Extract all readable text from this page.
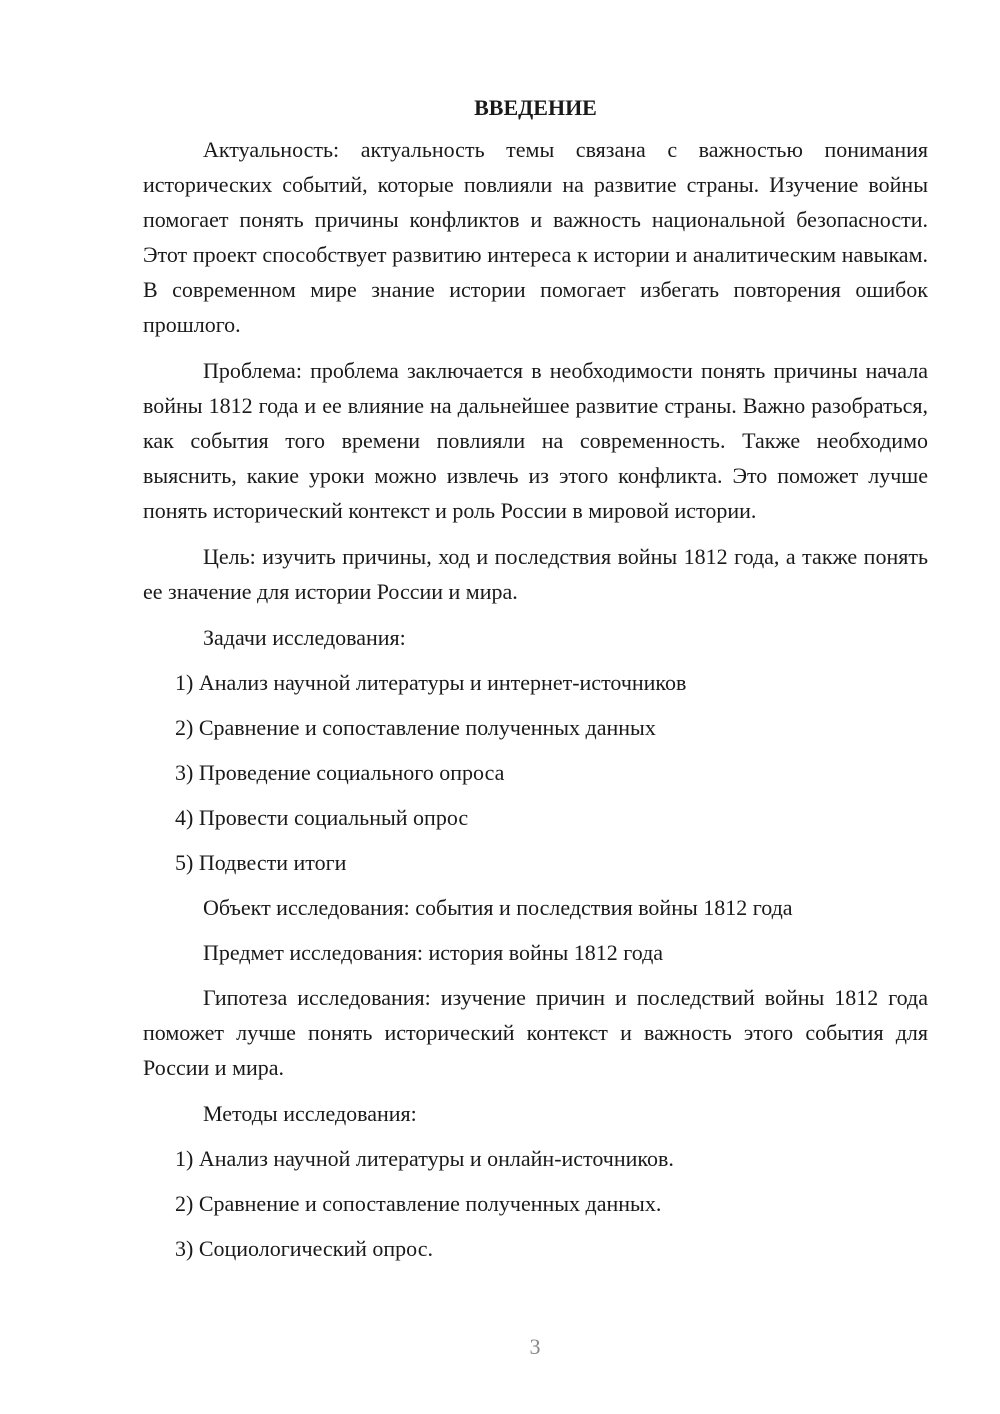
ВВЕДЕНИЕ

Актуальность: актуальность темы связана с важностью понимания исторических событий, которые повлияли на развитие страны. Изучение войны помогает понять причины конфликтов и важность национальной безопасности. Этот проект способствует развитию интереса к истории и аналитическим навыкам. В современном мире знание истории помогает избегать повторения ошибок прошлого.

Проблема: проблема заключается в необходимости понять причины начала войны 1812 года и ее влияние на дальнейшее развитие страны. Важно разобраться, как события того времени повлияли на современность. Также необходимо выяснить, какие уроки можно извлечь из этого конфликта. Это поможет лучше понять исторический контекст и роль России в мировой истории.

Цель: изучить причины, ход и последствия войны 1812 года, а также понять ее значение для истории России и мира.

Задачи исследования:
1) Анализ научной литературы и интернет-источников
2) Сравнение и сопоставление полученных данных
3) Проведение социального опроса
4) Провести социальный опрос
5) Подвести итоги
Объект исследования: события и последствия войны 1812 года
Предмет исследования: история войны 1812 года

Гипотеза исследования: изучение причин и последствий войны 1812 года поможет лучше понять исторический контекст и важность этого события для России и мира.

Методы исследования:
1) Анализ научной литературы и онлайн-источников.
2) Сравнение и сопоставление полученных данных.
3) Социологический опрос.
3
